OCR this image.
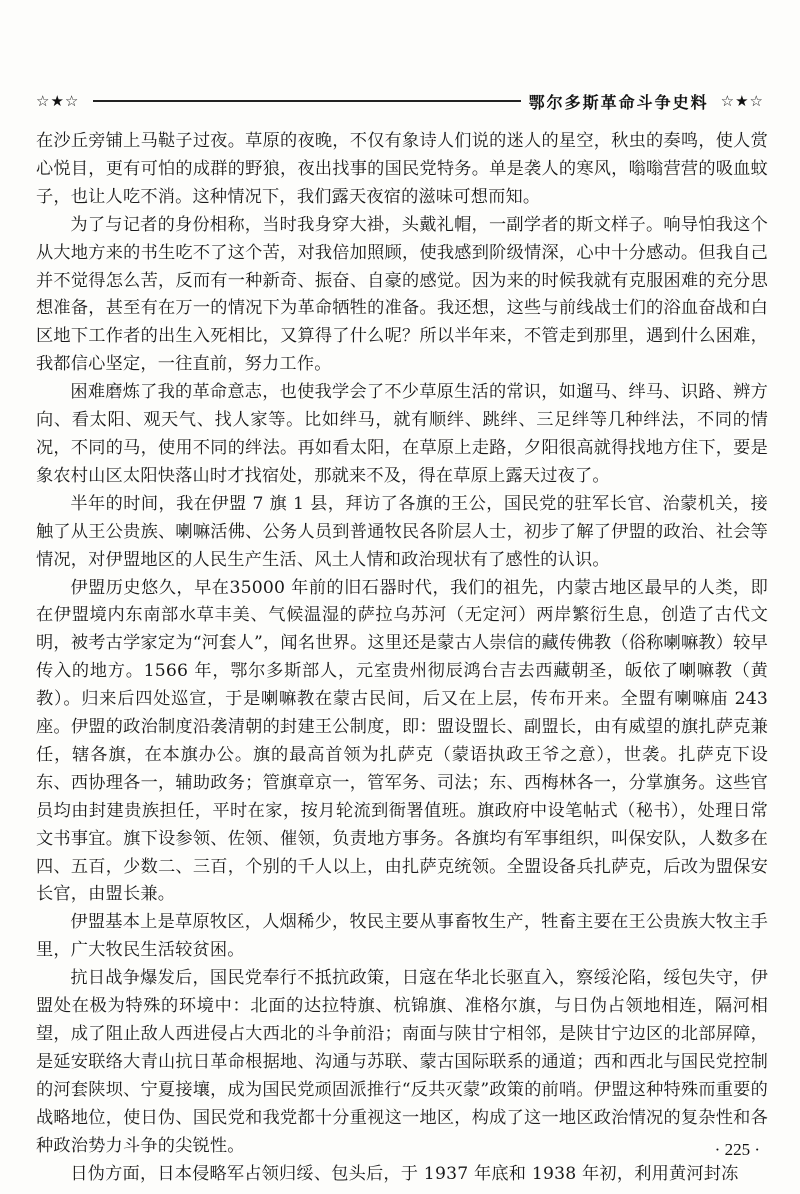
☆★☆	鄂尔多斯革命斗争史料 ☆★☆

在沙丘旁铺上马鞑子过夜。草原的夜晚，不仅有象诗人们说的迷人的星空，秋虫的奏鸣，使人赏心悦目，更有可怕的成群的野狼，夜出找事的国民党特务。单是袭人的寒风，嗡嗡营营的吸血蚊子，也让人吃不消。这种情况下，我们露天夜宿的滋味可想而知。

为了与记者的身份相称，当时我身穿大褂，头戴礼帽，一副学者的斯文样子。响导怕我这个从大地方来的书生吃不了这个苦，对我倍加照顾，使我感到阶级情深，心中十分感动。但我自己并不觉得怎么苦，反而有一种新奇、振奋、自豪的感觉。因为来的时候我就有克服困难的充分思想准备，甚至有在万一的情况下为革命牺牲的准备。我还想，这些与前线战士们的浴血奋战和白区地下工作者的出生入死相比，又算得了什么呢？所以半年来，不管走到那里，遇到什么困难，我都信心坚定，一往直前，努力工作。

困难磨炼了我的革命意志，也使我学会了不少草原生活的常识，如遛马、绊马、识路、辨方向、看太阳、观天气、找人家等。比如绊马，就有顺绊、跳绊、三足绊等几种绊法，不同的情况，不同的马，使用不同的绊法。再如看太阳，在草原上走路，夕阳很高就得找地方住下，要是象农村山区太阳快落山时才找宿处，那就来不及，得在草原上露天过夜了。

半年的时间，我在伊盟 7 旗 1 县，拜访了各旗的王公，国民党的驻军长官、治蒙机关，接触了从王公贵族、喇嘛活佛、公务人员到普通牧民各阶层人士，初步了解了伊盟的政治、社会等情况，对伊盟地区的人民生产生活、风土人情和政治现状有了感性的认识。

伊盟历史悠久，早在35000 年前的旧石器时代，我们的祖先，内蒙古地区最早的人类，即在伊盟境内东南部水草丰美、气候温湿的萨拉乌苏河（无定河）两岸繁衍生息，创造了古代文明，被考古学家定为“河套人”，闻名世界。这里还是蒙古人崇信的藏传佛教（俗称喇嘛教）较早传入的地方。1566 年，鄂尔多斯部人，元室贵州彻辰鸿台吉去西藏朝圣，皈依了喇嘛教（黄教）。归来后四处巡宣，于是喇嘛教在蒙古民间，后又在上层，传布开来。全盟有喇嘛庙 243 座。伊盟的政治制度沿袭清朝的封建王公制度，即：盟设盟长、副盟长，由有威望的旗扎萨克兼任，辖各旗，在本旗办公。旗的最高首领为扎萨克（蒙语执政王爷之意），世袭。扎萨克下设东、西协理各一，辅助政务；管旗章京一，管军务、司法；东、西梅林各一，分掌旗务。这些官员均由封建贵族担任，平时在家，按月轮流到衙署值班。旗政府中设笔帖式（秘书），处理日常文书事宜。旗下设参领、佐领、催领，负责地方事务。各旗均有军事组织，叫保安队，人数多在四、五百，少数二、三百，个别的千人以上，由扎萨克统领。全盟设备兵扎萨克，后改为盟保安长官，由盟长兼。

伊盟基本上是草原牧区，人烟稀少，牧民主要从事畜牧生产，牲畜主要在王公贵族大牧主手里，广大牧民生活较贫困。

抗日战争爆发后，国民党奉行不抵抗政策，日寇在华北长驱直入，察绥沦陷，绥包失守，伊盟处在极为特殊的环境中：北面的达拉特旗、杭锦旗、准格尔旗，与日伪占领地相连，隔河相望，成了阻止敌人西进侵占大西北的斗争前沿；南面与陕甘宁相邻，是陕甘宁边区的北部屏障，是延安联络大青山抗日革命根据地、沟通与苏联、蒙古国际联系的通道；西和西北与国民党控制的河套陕坝、宁夏接壤，成为国民党顽固派推行“反共灭蒙”政策的前哨。伊盟这种特殊而重要的战略地位，使日伪、国民党和我党都十分重视这一地区，构成了这一地区政治情况的复杂性和各种政治势力斗争的尖锐性。

日伪方面，日本侵略军占领归绥、包头后，于 1937 年底和 1938 年初，利用黄河封冻

· 225 ·
